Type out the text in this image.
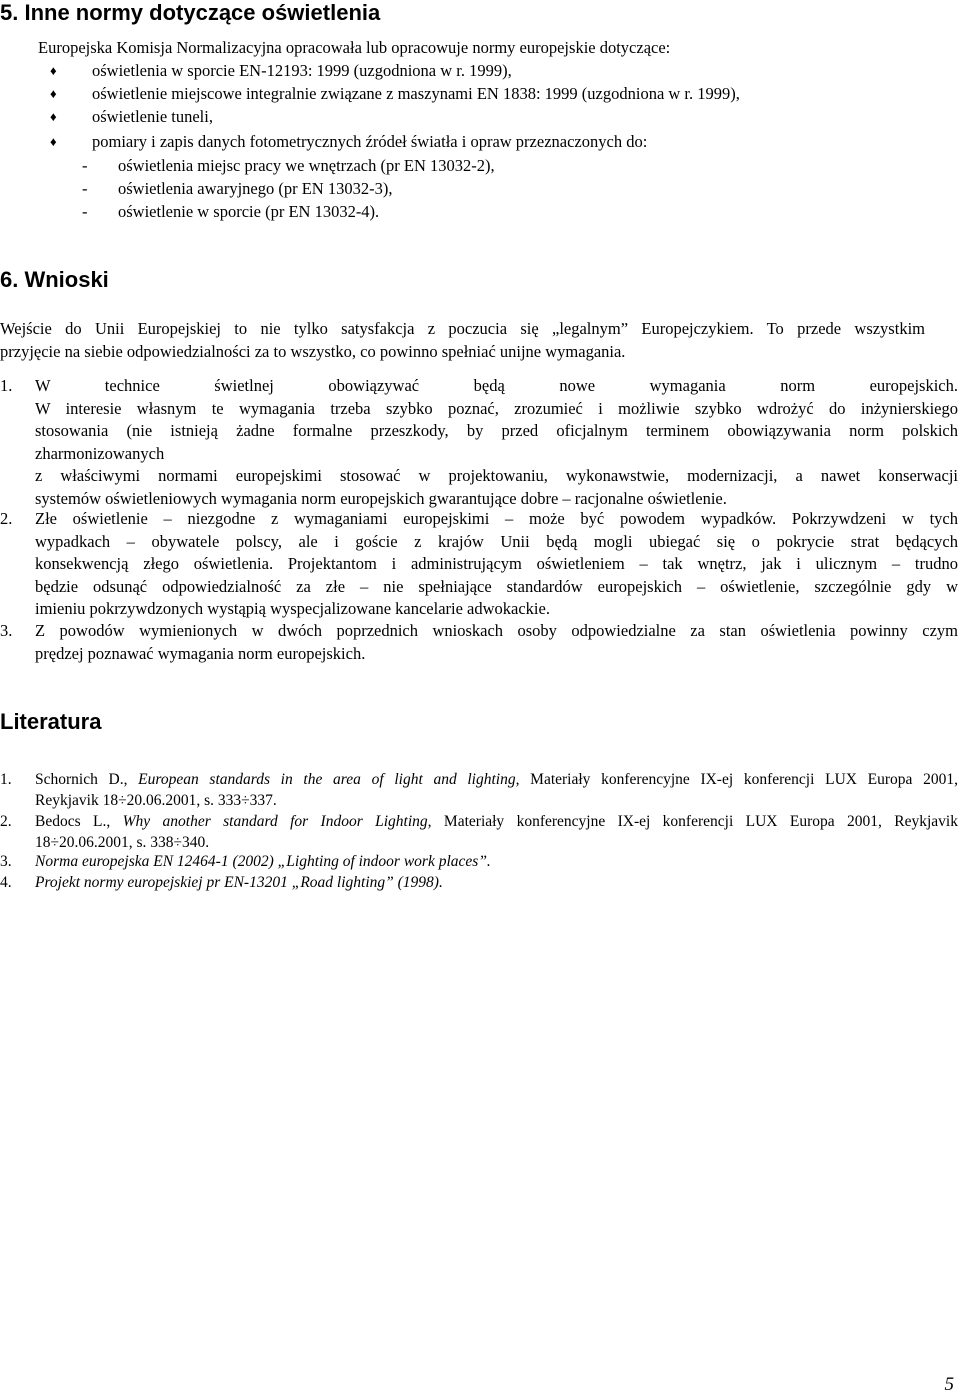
5. Inne normy dotyczące oświetlenia
Europejska Komisja Normalizacyjna opracowała lub opracowuje normy europejskie dotyczące:
♦ oświetlenia w sporcie EN-12193: 1999 (uzgodniona w r. 1999),
♦ oświetlenie miejscowe integralnie związane z maszynami EN 1838: 1999 (uzgodniona w r. 1999),
♦ oświetlenie tuneli,
♦ pomiary i zapis danych fotometrycznych źródeł światła i opraw przeznaczonych do:
- oświetlenia miejsc pracy we wnętrzach (pr EN 13032-2),
- oświetlenia awaryjnego (pr EN 13032-3),
- oświetlenie w sporcie (pr EN 13032-4).
6. Wnioski
Wejście do Unii Europejskiej to nie tylko satysfakcja z poczucia się „legalnym” Europejczykiem. To przede wszystkim
przyjęcie na siebie odpowiedzialności za to wszystko, co powinno spełniać unijne wymagania.
1. W technice świetlnej obowiązywać będą nowe wymagania norm europejskich.
W interesie własnym te wymagania trzeba szybko poznać, zrozumieć i możliwie szybko wdrożyć do inżynierskiego
stosowania (nie istnieją żadne formalne przeszkody, by przed oficjalnym terminem obowiązywania norm polskich
zharmonizowanych
z właściwymi normami europejskimi stosować w projektowaniu, wykonawstwie, modernizacji, a nawet konserwacji
systemów oświetleniowych wymagania norm europejskich gwarantujące dobre – racjonalne oświetlenie.
2. Złe oświetlenie – niezgodne z wymaganiami europejskimi – może być powodem wypadków. Pokrzywdzeni w tych
wypadkach – obywatele polscy, ale i goście z krajów Unii będą mogli ubiegać się o pokrycie strat będących
konsekwencją złego oświetlenia. Projektantom i administrującym oświetleniem – tak wnętrz, jak i ulicznym – trudno
będzie odsunąć odpowiedzialność za złe – nie spełniające standardów europejskich – oświetlenie, szczególnie gdy w
imieniu pokrzywdzonych wystąpią wyspecjalizowane kancelarie adwokackie.
3. Z powodów wymienionych w dwóch poprzednich wnioskach osoby odpowiedzialne za stan oświetlenia powinny czym
prędzej poznawać wymagania norm europejskich.
Literatura
1. Schornich D., European standards in the area of light and lighting, Materiały konferencyjne IX-ej konferencji LUX Europa 2001,
Reykjavik 18÷20.06.2001, s. 333÷337.
2. Bedocs L., Why another standard for Indoor Lighting, Materiały konferencyjne IX-ej konferencji LUX Europa 2001, Reykjavik
18÷20.06.2001, s. 338÷340.
3. Norma europejska EN 12464-1 (2002) „Lighting of indoor work places”.
4. Projekt normy europejskiej pr EN-13201 „Road lighting” (1998).
5
